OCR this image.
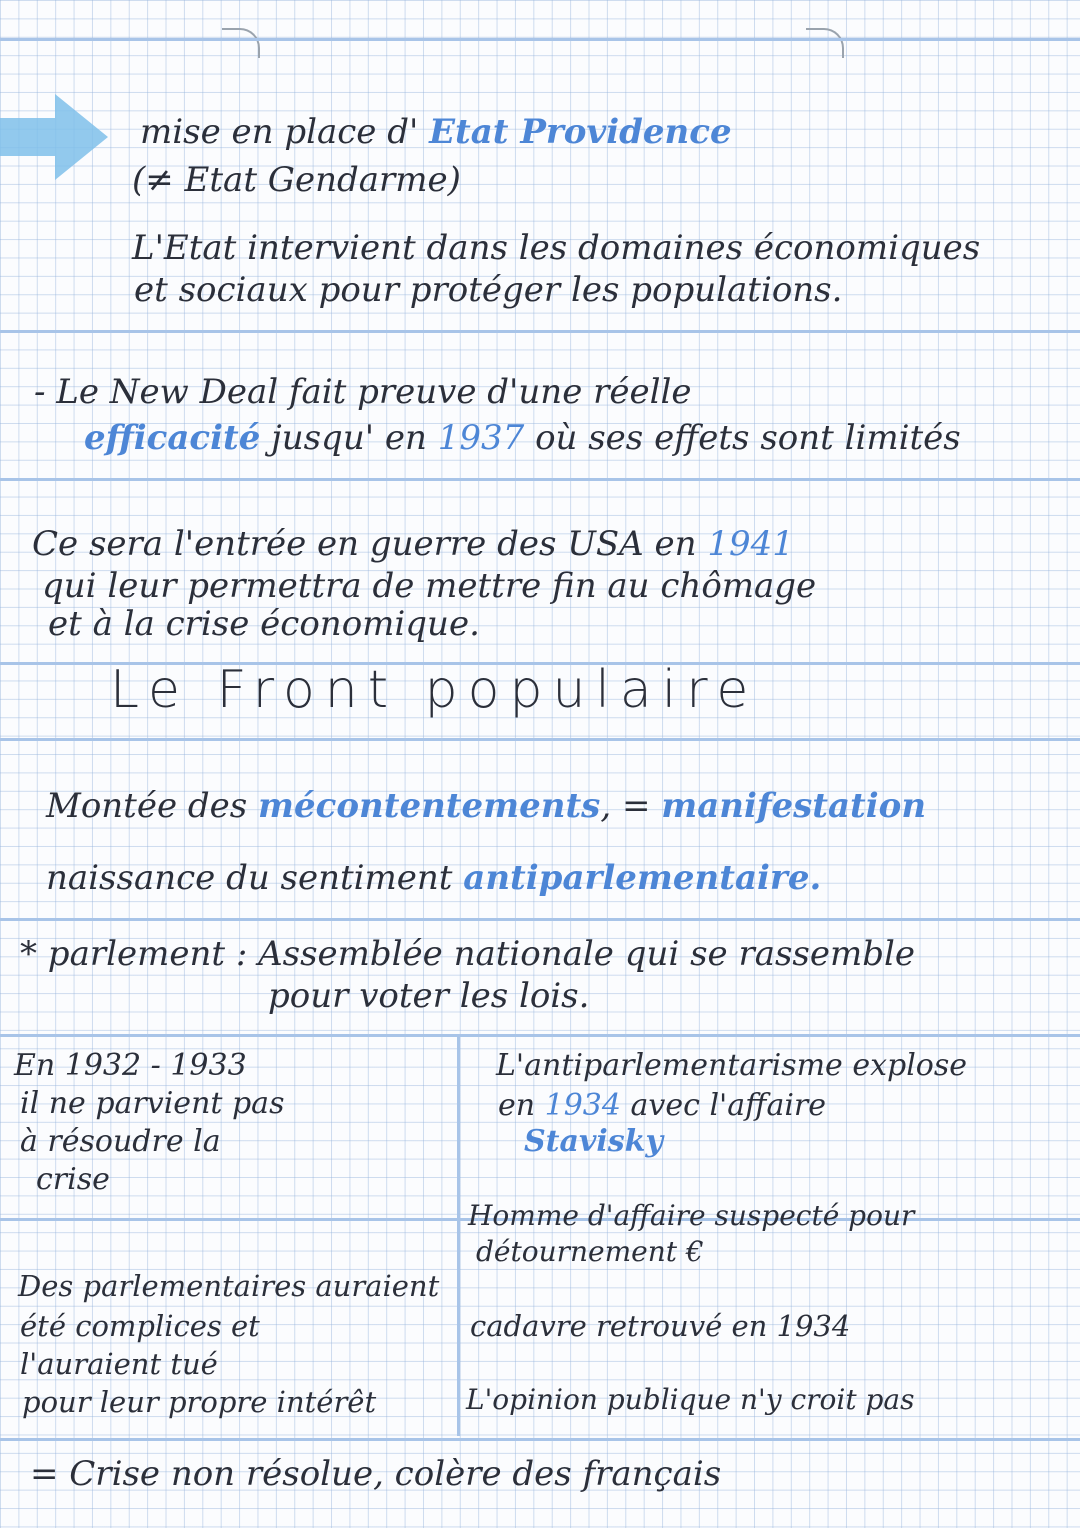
mise en place d' Etat Providence
(≠ Etat Gendarme)
L'Etat intervient dans les domaines économiques
et sociaux pour protéger les populations.
- Le New Deal fait preuve d'une réelle
efficacité jusqu' en 1937 où ses effets sont limités
Ce sera l'entrée en guerre des USA en 1941
qui leur permettra de mettre fin au chômage
et à la crise économique.
Le Front populaire
Montée des mécontentements, = manifestation
naissance du sentiment antiparlementaire.
* parlement : Assemblée nationale qui se rassemble
pour voter les lois.
En 1932 - 1933
il ne parvient pas
à résoudre la
crise
Des parlementaires auraient
été complices et
l'auraient tué
pour leur propre intérêt
L'antiparlementarisme explose
en 1934 avec l'affaire
Stavisky
Homme d'affaire suspecté pour
détournement €
cadavre retrouvé en 1934
L'opinion publique n'y croit pas
= Crise non résolue, colère des français
